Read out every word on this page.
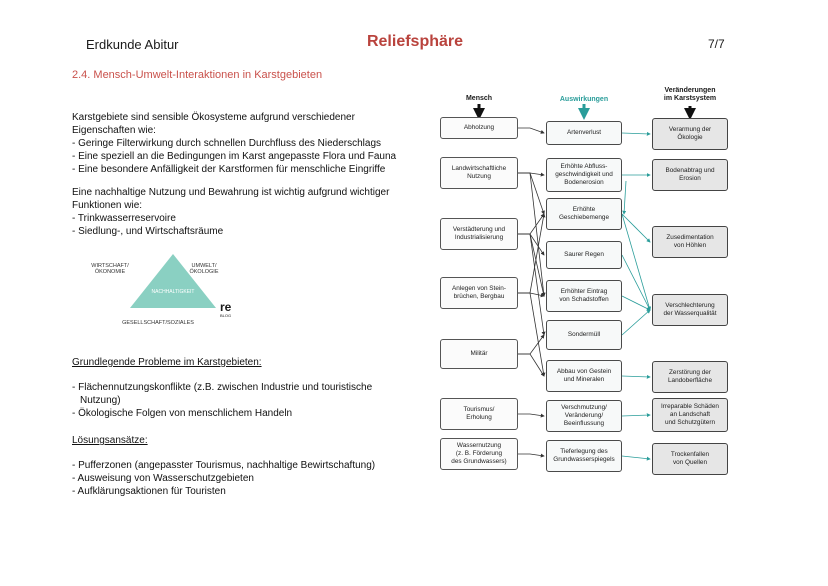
Erdkunde Abitur	Reliefsphäre	7/7
2.4. Mensch-Umwelt-Interaktionen in Karstgebieten
Karstgebiete sind sensible Ökosysteme aufgrund verschiedener
Eigenschaften wie:
- Geringe Filterwirkung durch schnellen Durchfluss des Niederschlags
- Eine speziell an die Bedingungen im Karst angepasste Flora und Fauna
- Eine besondere Anfälligkeit der Karstformen für menschliche Eingriffe
Eine nachhaltige Nutzung und Bewahrung ist wichtig aufgrund wichtiger
Funktionen wie:
- Trinkwasserreservoire
- Siedlung-, und Wirtschaftsräume
NACHHALTIGKEIT
WIRTSCHAFT/
ÖKONOMIE
UMWELT/
ÖKOLOGIE
GESELLSCHAFT/SOZIALES
re
BLOG
Grundlegende Probleme im Karstgebieten:
- Flächennutzungskonflikte (z.B. zwischen Industrie und touristische
Nutzung)
- Ökologische Folgen von menschlichem Handeln
Lösungsansätze:
- Pufferzonen (angepasster Tourismus, nachhaltige Bewirtschaftung)
- Ausweisung von Wasserschutzgebieten
- Aufklärungsaktionen für Touristen
Mensch	Auswirkungen
Veränderungen
im Karstsystem
Abholzung
Landwirtschaftliche
Nutzung
Verstädterung und
Industrialisierung
Anlegen von Stein-
brüchen, Bergbau
Militär
Tourismus/
Erholung
Wassernutzung
(z. B. Förderung
des Grundwassers)
Artenverlust
Erhöhte Abfluss-
geschwindigkeit und
Bodenerosion
Erhöhte
Geschiebemenge
Saurer Regen
Erhöhter Eintrag
von Schadstoffen
Sondermüll
Abbau von Gestein
und Mineralen
Verschmutzung/
Veränderung/
Beeinflussung
Tieferlegung des
Grundwasserspiegels
Verarmung der
Ökologie
Bodenabtrag und
Erosion
Zusedimentation
von Höhlen
Verschlechterung
der Wasserqualität
Zerstörung der
Landoberfläche
Irreparable Schäden
an Landschaft
und Schutzgütern
Trockenfallen
von Quellen
